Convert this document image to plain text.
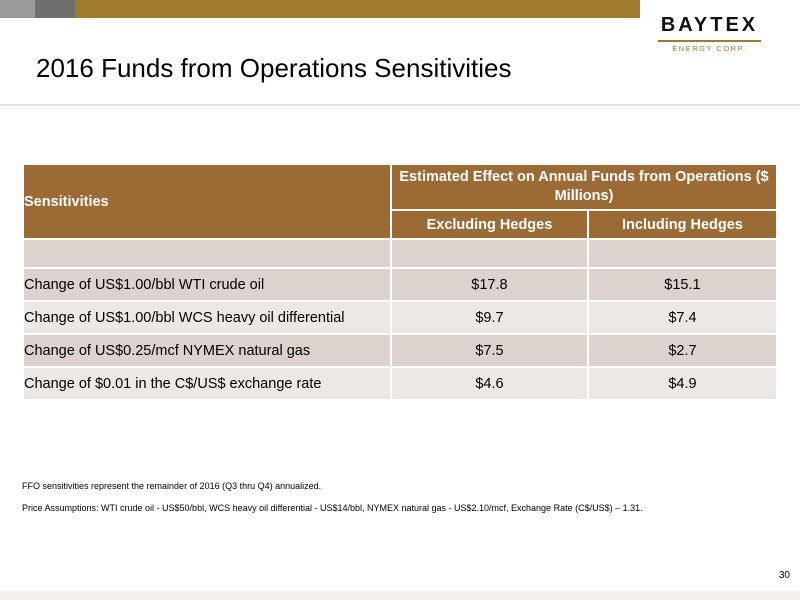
BAYTEX
ENERGY CORP.
2016 Funds from Operations Sensitivities
Sensitivities	Estimated Effect on Annual Funds from Operations ($ Millions)	
	Excluding Hedges	Including Hedges

Change of US$1.00/bbl WTI crude oil	$17.8	$15.1
Change of US$1.00/bbl WCS heavy oil differential	$9.7	$7.4
Change of US$0.25/mcf NYMEX natural gas	$7.5	$2.7
Change of $0.01 in the C$/US$ exchange rate	$4.6	$4.9

FFO sensitivities represent the remainder of 2016 (Q3 thru Q4) annualized.

Price Assumptions: WTI crude oil - US$50/bbl, WCS heavy oil differential - US$14/bbl, NYMEX natural gas - US$2.10/mcf, Exchange Rate (C$/US$) – 1.31.

30
